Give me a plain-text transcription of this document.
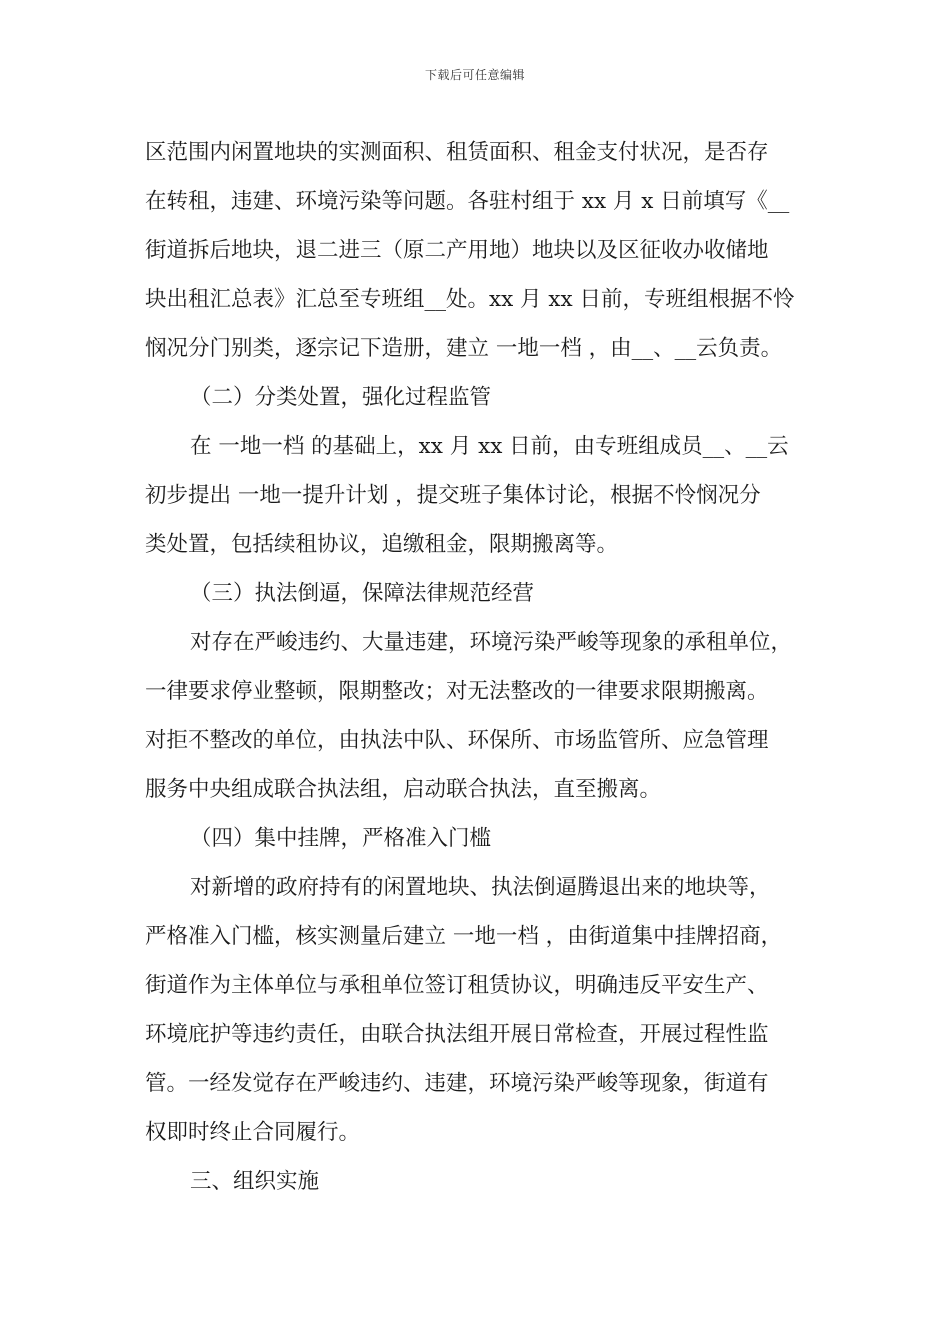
下载后可任意编辑
区范围内闲置地块的实测面积、租赁面积、租金支付状况，是否存
在转租，违建、环境污染等问题。各驻村组于 xx 月 x 日前填写《__
街道拆后地块，退二进三（原二产用地）地块以及区征收办收储地
块出租汇总表》汇总至专班组__处。xx 月 xx 日前，专班组根据不怜
悯况分门别类，逐宗记下造册，建立 一地一档 ，由__、__云负责。
（二）分类处置，强化过程监管
在 一地一档 的基础上，xx 月 xx 日前，由专班组成员__、__云
初步提出 一地一提升计划 ，提交班子集体讨论，根据不怜悯况分
类处置，包括续租协议，追缴租金，限期搬离等。
（三）执法倒逼，保障法律规范经营
对存在严峻违约、大量违建，环境污染严峻等现象的承租单位，
一律要求停业整顿，限期整改；对无法整改的一律要求限期搬离。
对拒不整改的单位，由执法中队、环保所、市场监管所、应急管理
服务中央组成联合执法组，启动联合执法，直至搬离。
（四）集中挂牌，严格准入门槛
对新增的政府持有的闲置地块、执法倒逼腾退出来的地块等，
严格准入门槛，核实测量后建立 一地一档 ，由街道集中挂牌招商，
街道作为主体单位与承租单位签订租赁协议，明确违反平安生产、
环境庇护等违约责任，由联合执法组开展日常检查，开展过程性监
管。一经发觉存在严峻违约、违建，环境污染严峻等现象，街道有
权即时终止合同履行。
三、组织实施
